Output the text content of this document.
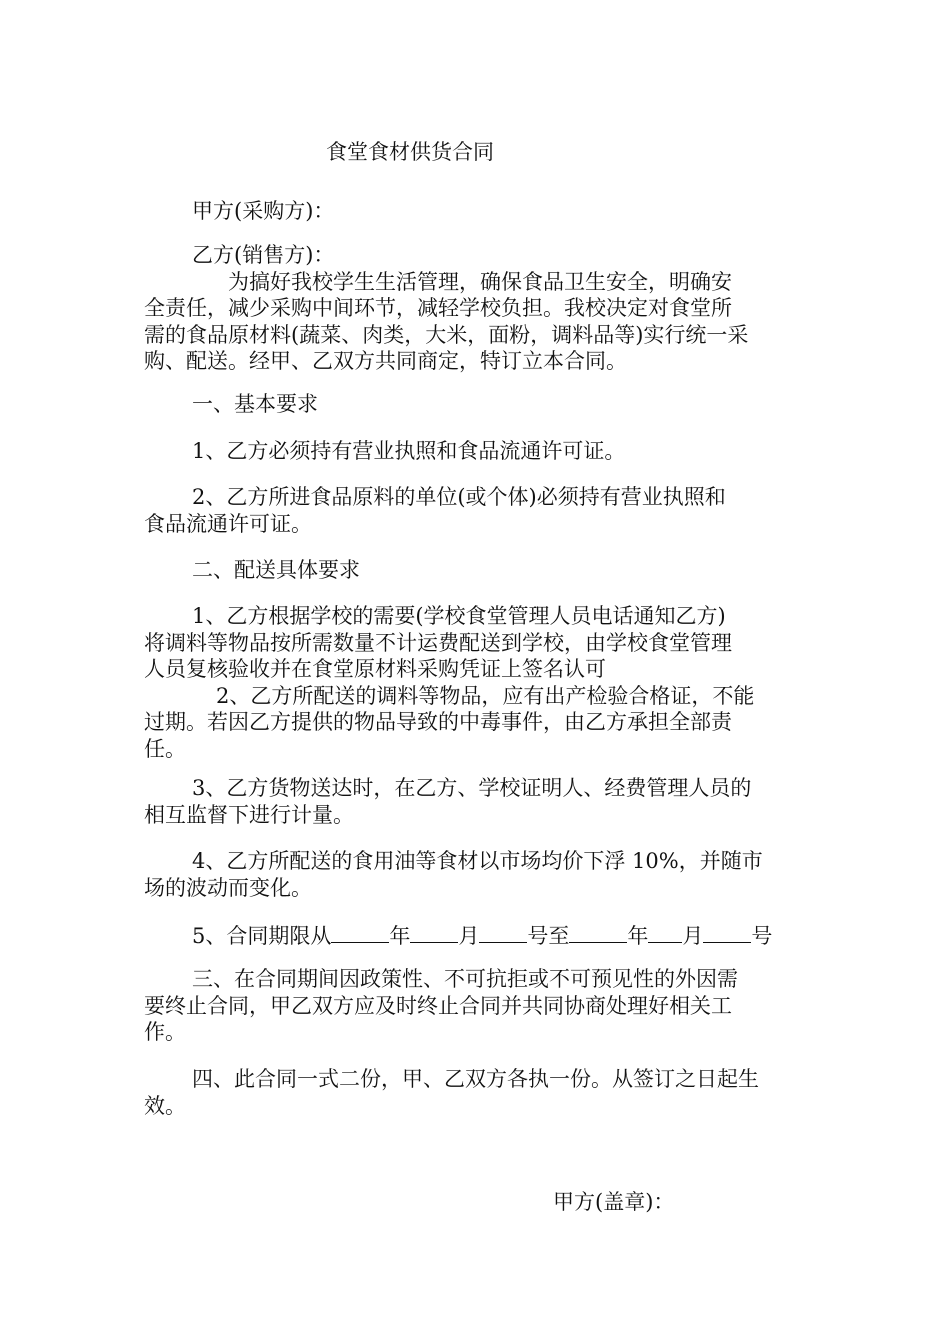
食堂食材供货合同
甲方(采购方)：
乙方(销售方)：
为搞好我校学生生活管理，确保食品卫生安全，明确安
全责任，减少采购中间环节，减轻学校负担。我校决定对食堂所
需的食品原材料(蔬菜、肉类，大米，面粉，调料品等)实行统一采
购、配送。经甲、乙双方共同商定，特订立本合同。
一、基本要求
1、乙方必须持有营业执照和食品流通许可证。
2、乙方所进食品原料的单位(或个体)必须持有营业执照和
食品流通许可证。
二、配送具体要求
1、乙方根据学校的需要(学校食堂管理人员电话通知乙方)
将调料等物品按所需数量不计运费配送到学校，由学校食堂管理
人员复核验收并在食堂原材料采购凭证上签名认可
2、乙方所配送的调料等物品，应有出产检验合格证，不能
过期。若因乙方提供的物品导致的中毒事件，由乙方承担全部责
任。
3、乙方货物送达时，在乙方、学校证明人、经费管理人员的
相互监督下进行计量。
4、乙方所配送的食用油等食材以市场均价下浮 10%，并随市
场的波动而变化。
5、合同期限从	年 月 号至	年 月 号
三、在合同期间因政策性、不可抗拒或不可预见性的外因需
要终止合同，甲乙双方应及时终止合同并共同协商处理好相关工
作。
四、此合同一式二份，甲、乙双方各执一份。从签订之日起生
效。
甲方(盖章)：
